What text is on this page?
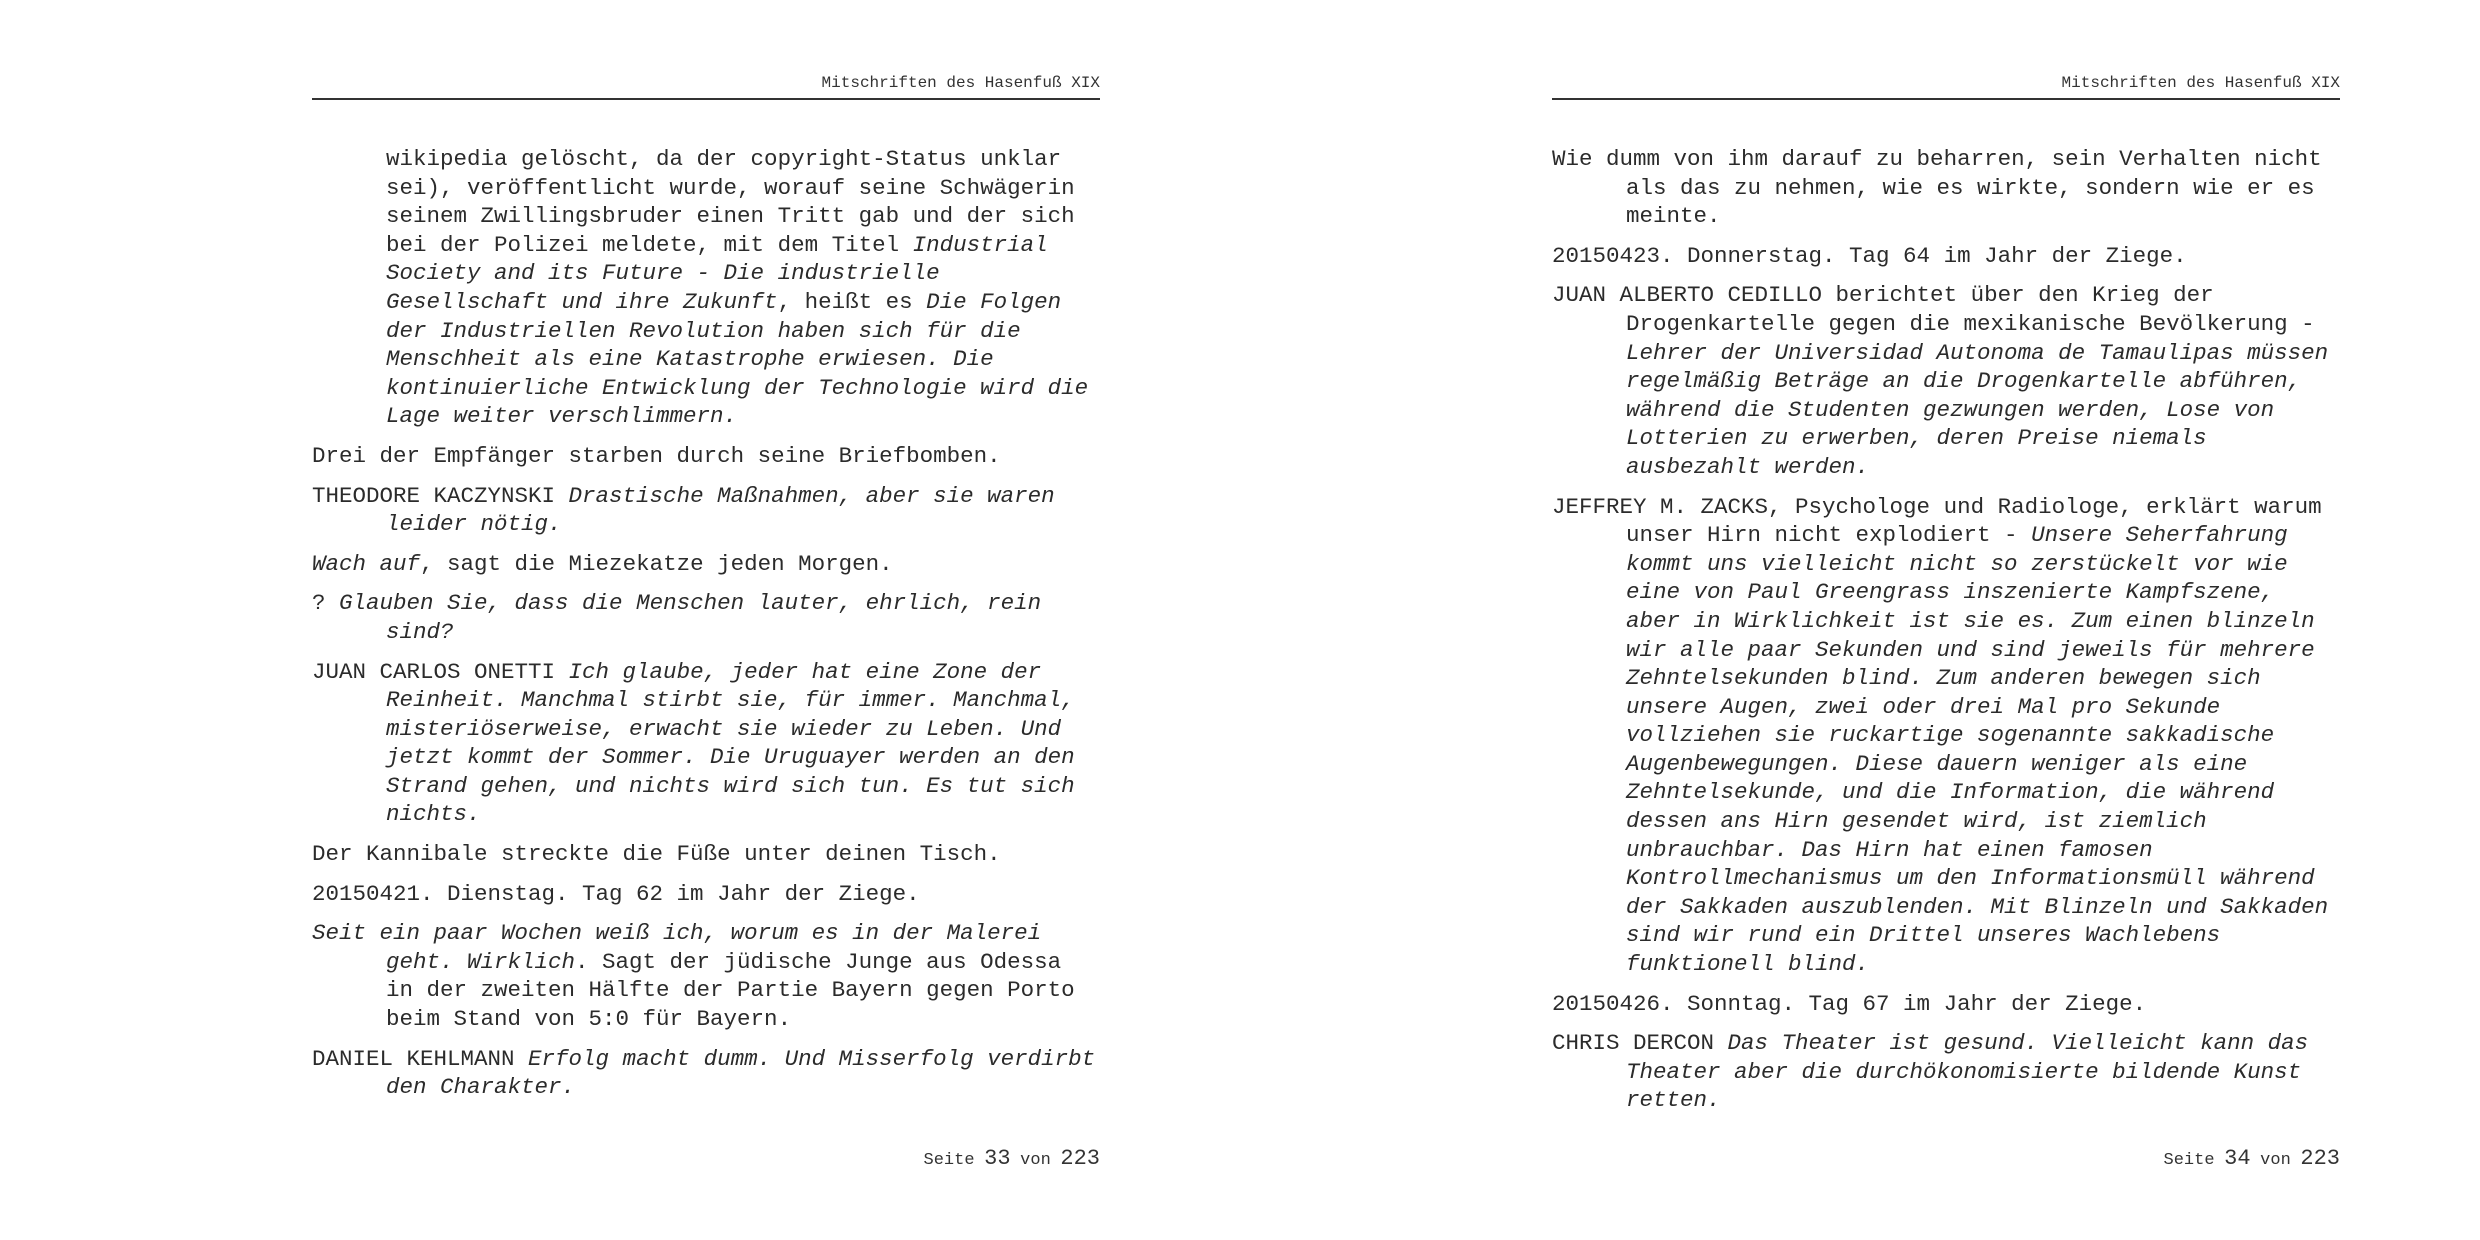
Mitschriften des Hasenfuß XIX

wikipedia gelöscht, da der copyright-Status unklar sei), veröffentlicht wurde, worauf seine Schwägerin seinem Zwillingsbruder einen Tritt gab und der sich bei der Polizei meldete, mit dem Titel Industrial Society and its Future - Die industrielle Gesellschaft und ihre Zukunft, heißt es Die Folgen der Industriellen Revolution haben sich für die Menschheit als eine Katastrophe erwiesen. Die kontinuierliche Entwicklung der Technologie wird die Lage weiter verschlimmern.

Drei der Empfänger starben durch seine Briefbomben.

THEODORE KACZYNSKI Drastische Maßnahmen, aber sie waren leider nötig.

Wach auf, sagt die Miezekatze jeden Morgen.

? Glauben Sie, dass die Menschen lauter, ehrlich, rein sind?

JUAN CARLOS ONETTI Ich glaube, jeder hat eine Zone der Reinheit. Manchmal stirbt sie, für immer. Manchmal, misteriöserweise, erwacht sie wieder zu Leben. Und jetzt kommt der Sommer. Die Uruguayer werden an den Strand gehen, und nichts wird sich tun. Es tut sich nichts.

Der Kannibale streckte die Füße unter deinen Tisch.

20150421. Dienstag. Tag 62 im Jahr der Ziege.

Seit ein paar Wochen weiß ich, worum es in der Malerei geht. Wirklich. Sagt der jüdische Junge aus Odessa in der zweiten Hälfte der Partie Bayern gegen Porto beim Stand von 5:0 für Bayern.

DANIEL KEHLMANN Erfolg macht dumm. Und Misserfolg verdirbt den Charakter.

Seite 33 von 223
Mitschriften des Hasenfuß XIX

Wie dumm von ihm darauf zu beharren, sein Verhalten nicht als das zu nehmen, wie es wirkte, sondern wie er es meinte.

20150423. Donnerstag. Tag 64 im Jahr der Ziege.

JUAN ALBERTO CEDILLO berichtet über den Krieg der Drogenkartelle gegen die mexikanische Bevölkerung - Lehrer der Universidad Autonoma de Tamaulipas müssen regelmäßig Beträge an die Drogenkartelle abführen, während die Studenten gezwungen werden, Lose von Lotterien zu erwerben, deren Preise niemals ausbezahlt werden.

JEFFREY M. ZACKS, Psychologe und Radiologe, erklärt warum unser Hirn nicht explodiert - Unsere Seherfahrung kommt uns vielleicht nicht so zerstückelt vor wie eine von Paul Greengrass inszenierte Kampfszene, aber in Wirklichkeit ist sie es. Zum einen blinzeln wir alle paar Sekunden und sind jeweils für mehrere Zehntelsekunden blind. Zum anderen bewegen sich unsere Augen, zwei oder drei Mal pro Sekunde vollziehen sie ruckartige sogenannte sakkadische Augenbewegungen. Diese dauern weniger als eine Zehntelsekunde, und die Information, die während dessen ans Hirn gesendet wird, ist ziemlich unbrauchbar. Das Hirn hat einen famosen Kontrollmechanismus um den Informationsmüll während der Sakkaden auszublenden. Mit Blinzeln und Sakkaden sind wir rund ein Drittel unseres Wachlebens funktionell blind.

20150426. Sonntag. Tag 67 im Jahr der Ziege.

CHRIS DERCON Das Theater ist gesund. Vielleicht kann das Theater aber die durchökonomisierte bildende Kunst retten.

Seite 34 von 223
